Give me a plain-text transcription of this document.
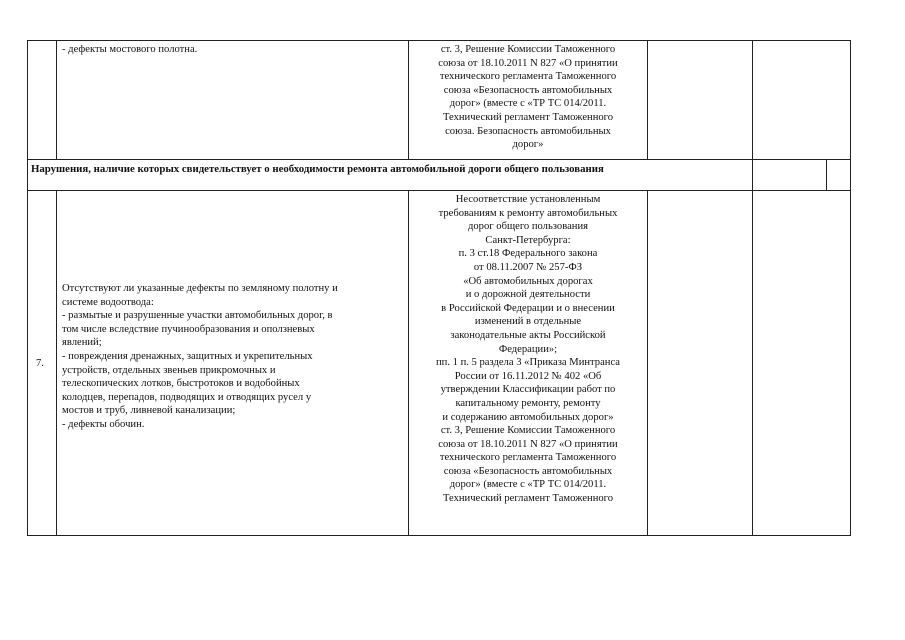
- дефекты мостового полотна.	ст. 3, Решение Комиссии Таможенного
союза от 18.10.2011 N 827 «О принятии
технического регламента Таможенного
союза «Безопасность автомобильных
дорог» (вместе с «ТР ТС 014/2011.
Технический регламент Таможенного
союза. Безопасность автомобильных
дорог»
Нарушения, наличие которых свидетельствует о необходимости ремонта автомобильной дороги общего пользования
7.
Отсутствуют ли указанные дефекты по земляному полотну и
системе водоотвода:
- размытые и разрушенные участки автомобильных дорог, в
том числе вследствие пучинообразования и оползневых
явлений;
- повреждения дренажных, защитных и укрепительных
устройств, отдельных звеньев прикромочных и
телескопических лотков, быстротоков и водобойных
колодцев, перепадов, подводящих и отводящих русел у
мостов и труб, ливневой канализации;
- дефекты обочин.
Несоответствие установленным
требованиям к ремонту автомобильных
дорог общего пользования
Санкт-Петербурга:
п. 3 ст.18 Федерального закона
от 08.11.2007 № 257-ФЗ
«Об автомобильных дорогах
и о дорожной деятельности
в Российской Федерации и о внесении
изменений в отдельные
законодательные акты Российской
Федерации»;
пп. 1 п. 5 раздела 3 «Приказа Минтранса
России от 16.11.2012 № 402 «Об
утверждении Классификации работ по
капитальному ремонту, ремонту
и содержанию автомобильных дорог»
ст. 3, Решение Комиссии Таможенного
союза от 18.10.2011 N 827 «О принятии
технического регламента Таможенного
союза «Безопасность автомобильных
дорог» (вместе с «ТР ТС 014/2011.
Технический регламент Таможенного
